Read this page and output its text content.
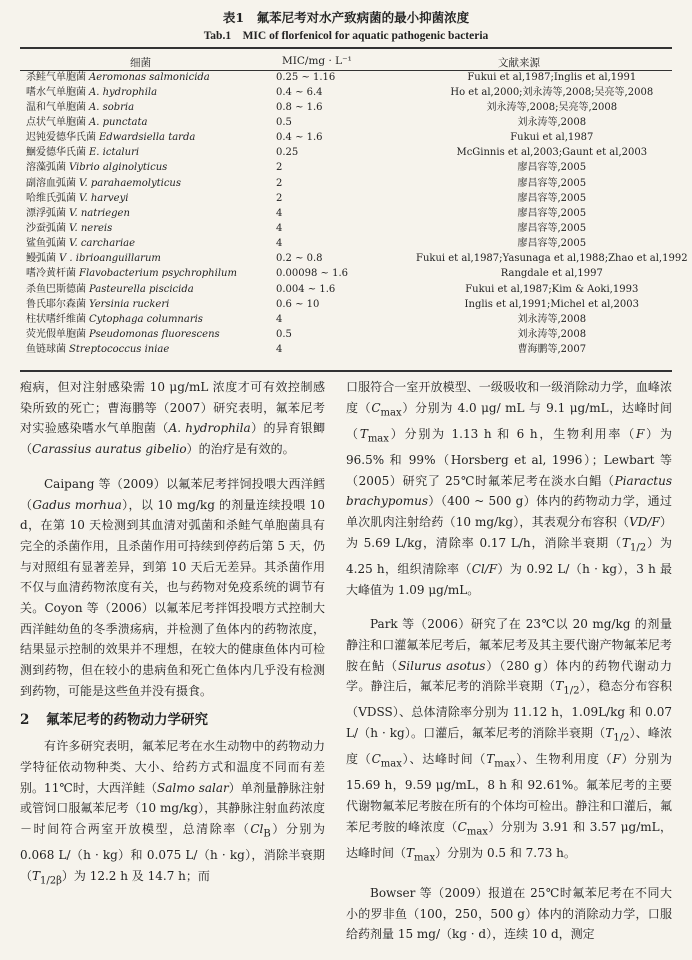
表1　氟苯尼考对水产致病菌的最小抑菌浓度
Tab.1　MIC of florfenicol for aquatic pathogenic bacteria
细菌	MIC/mg · L⁻¹	文献来源
杀鲑气单胞菌 Aeromonas salmonicida	0.25 ~ 1.16	Fukui et al,1987;Inglis et al,1991
嗜水气单胞菌 A. hydrophila	0.4 ~ 6.4	Ho et al,2000;刘永涛等,2008;吴亮等,2008
温和气单胞菌 A. sobria	0.8 ~ 1.6	刘永涛等,2008;吴亮等,2008
点状气单胞菌 A. punctata	0.5	刘永涛等,2008
迟钝爱德华氏菌 Edwardsiella tarda	0.4 ~ 1.6	Fukui et al,1987
鮰爱德华氏菌 E. ictaluri	0.25	McGinnis et al,2003;Gaunt et al,2003
溶藻弧菌 Vibrio alginolyticus	2	廖昌容等,2005
副溶血弧菌 V. parahaemolyticus	2	廖昌容等,2005
哈维氏弧菌 V. harveyi	2	廖昌容等,2005
漂浮弧菌 V. natriegen	4	廖昌容等,2005
沙蚕弧菌 V. nereis	4	廖昌容等,2005
鲨鱼弧菌 V. carchariae	4	廖昌容等,2005
鳗弧菌 V . ibrioanguillarum	0.2 ~ 0.8	Fukui et al,1987;Yasunaga et al,1988;Zhao et al,1992
嗜冷黄杆菌 Flavobacterium psychrophilum	0.00098 ~ 1.6	Rangdale et al,1997
杀鱼巴斯德菌 Pasteurella piscicida	0.004 ~ 1.6	Fukui et al,1987;Kim & Aoki,1993
鲁氏耶尔森菌 Yersinia ruckeri	0.6 ~ 10	Inglis et al,1991;Michel et al,2003
柱状嗜纤维菌 Cytophaga columnaris	4	刘永涛等,2008
荧光假单胞菌 Pseudomonas fluorescens	0.5	刘永涛等,2008
鱼链球菌 Streptococcus iniae	4	曹海鹏等,2007

疱病，但对注射感染需 10 μg/mL 浓度才可有效控制感染所致的死亡；曹海鹏等（2007）研究表明，氟苯尼考对实验感染嗜水气单胞菌（A. hydrophila）的异育银鲫（Carassius auratus gibelio）的治疗是有效的。

Caipang 等（2009）以氟苯尼考拌饲投喂大西洋鳕（Gadus morhua），以 10 mg/kg 的剂量连续投喂 10 d，在第 10 天检测到其血清对弧菌和杀鲑气单胞菌具有完全的杀菌作用，且杀菌作用可持续到停药后第 5 天，仍与对照组有显著差异，到第 10 天后无差异。其杀菌作用不仅与血清药物浓度有关，也与药物对免疫系统的调节有关。Coyon 等（2006）以氟苯尼考拌饵投喂方式控制大西洋鲑幼鱼的冬季溃疡病，并检测了鱼体内的药物浓度，结果显示控制的效果并不理想，在较大的健康鱼体内可检测到药物，但在较小的患病鱼和死亡鱼体内几乎没有检测到药物，可能是这些鱼并没有摄食。

2 氟苯尼考的药物动力学研究

有许多研究表明，氟苯尼考在水生动物中的药物动力学特征依动物种类、大小、给药方式和温度不同而有差别。11℃时，大西洋鲑（Salmo salar）单剂量静脉注射或管饲口服氟苯尼考（10 mg/kg），其静脉注射血药浓度－时间符合两室开放模型，总清除率$(Cl_B)$分别为 0.068 L/（h · kg）和 0.075 L/（h · kg），消除半衰期$(T_{1/2\beta})$为 12.2 h 及 14.7 h；而

口服符合一室开放模型、一级吸收和一级消除动力学，血峰浓度$(C_{max})$分别为 4.0 μg/ mL 与 9.1 μg/mL，达峰时间$(T_{max})$分别为 1.13 h 和 6 h，生物利用率（F）为 96.5% 和 99%（Horsberg et al, 1996）；Lewbart 等（2005）研究了 25℃时氟苯尼考在淡水白鲳（Piaractus brachypomus）（400 ~ 500 g）体内的药物动力学，通过单次肌肉注射给药（10 mg/kg），其表观分布容积（VD/F）为 5.69 L/kg，清除率 0.17 L/h，消除半衰期$(T_{1/2})$为 4.25 h，组织清除率（Cl/F）为 0.92 L/（h · kg），3 h 最大峰值为 1.09 μg/mL。

Park 等（2006）研究了在 23℃以 20 mg/kg 的剂量静注和口灌氟苯尼考后，氟苯尼考及其主要代谢产物氟苯尼考胺在鲇（Silurus asotus）（280 g）体内的药物代谢动力学。静注后，氟苯尼考的消除半衰期$(T_{1/2})$，稳态分布容积（VDSS）、总体清除率分别为 11.12 h，1.09L/kg 和 0.07 L/（h · kg）。口灌后，氟苯尼考的消除半衰期$(T_{1/2})$、峰浓度$(C_{max})$、达峰时间$(T_{max})$、生物利用度（F）分别为 15.69 h，9.59 μg/mL，8 h 和 92.61%。氟苯尼考的主要代谢物氟苯尼考胺在所有的个体均可检出。静注和口灌后，氟苯尼考胺的峰浓度$(C_{max})$分别为 3.91 和 3.57 μg/mL，达峰时间$(T_{max})$分别为 0.5 和 7.73 h。

Bowser 等（2009）报道在 25℃时氟苯尼考在不同大小的罗非鱼（100，250，500 g）体内的消除动力学，口服给药剂量 15 mg/（kg · d），连续 10 d，测定
